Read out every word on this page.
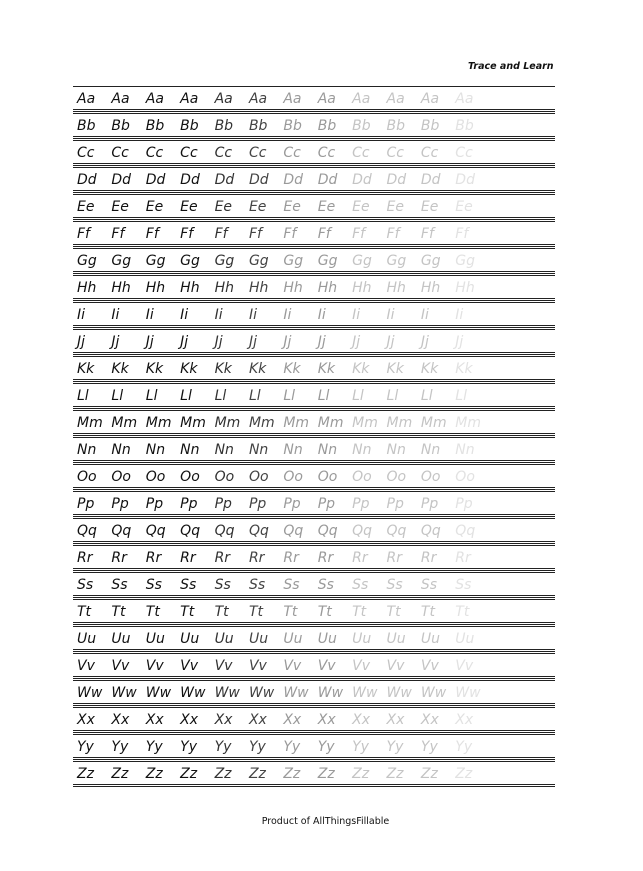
Trace and Learn
Aa	Aa	Aa	Aa	Aa	Aa	Aa	Aa	Aa	Aa	Aa	Aa
Bb	Bb	Bb	Bb	Bb	Bb	Bb	Bb	Bb	Bb	Bb	Bb
Cc	Cc	Cc	Cc	Cc	Cc	Cc	Cc	Cc	Cc	Cc	Cc
Dd	Dd	Dd	Dd	Dd	Dd	Dd	Dd	Dd	Dd	Dd	Dd
Ee	Ee	Ee	Ee	Ee	Ee	Ee	Ee	Ee	Ee	Ee	Ee
Ff	Ff	Ff	Ff	Ff	Ff	Ff	Ff	Ff	Ff	Ff	Ff
Gg	Gg	Gg	Gg	Gg	Gg	Gg	Gg	Gg	Gg	Gg	Gg
Hh	Hh	Hh	Hh	Hh	Hh	Hh	Hh	Hh	Hh	Hh	Hh
Ii	Ii	Ii	Ii	Ii	Ii	Ii	Ii	Ii	Ii	Ii	Ii
Jj	Jj	Jj	Jj	Jj	Jj	Jj	Jj	Jj	Jj	Jj	Jj
Kk	Kk	Kk	Kk	Kk	Kk	Kk	Kk	Kk	Kk	Kk	Kk
Ll	Ll	Ll	Ll	Ll	Ll	Ll	Ll	Ll	Ll	Ll	Ll
Mm Mm Mm Mm Mm Mm Mm Mm Mm Mm Mm Mm
Nn	Nn	Nn	Nn	Nn	Nn	Nn	Nn	Nn	Nn	Nn	Nn
Oo	Oo	Oo	Oo	Oo	Oo	Oo	Oo	Oo	Oo	Oo	Oo
Pp	Pp	Pp	Pp	Pp	Pp	Pp	Pp	Pp	Pp	Pp	Pp
Qq	Qq	Qq	Qq	Qq	Qq	Qq	Qq	Qq	Qq	Qq	Qq
Rr	Rr	Rr	Rr	Rr	Rr	Rr	Rr	Rr	Rr	Rr	Rr
Ss	Ss	Ss	Ss	Ss	Ss	Ss	Ss	Ss	Ss	Ss	Ss
Tt	Tt	Tt	Tt	Tt	Tt	Tt	Tt	Tt	Tt	Tt	Tt
Uu	Uu	Uu	Uu	Uu	Uu	Uu	Uu	Uu	Uu	Uu	Uu
Vv	Vv	Vv	Vv	Vv	Vv	Vv	Vv	Vv	Vv	Vv	Vv
Ww Ww Ww Ww Ww Ww Ww Ww Ww Ww Ww Ww
Xx	Xx	Xx	Xx	Xx	Xx	Xx	Xx	Xx	Xx	Xx	Xx
Yy	Yy	Yy	Yy	Yy	Yy	Yy	Yy	Yy	Yy	Yy	Yy
Zz	Zz	Zz	Zz	Zz	Zz	Zz	Zz	Zz	Zz	Zz	Zz
Product of AllThingsFillable
